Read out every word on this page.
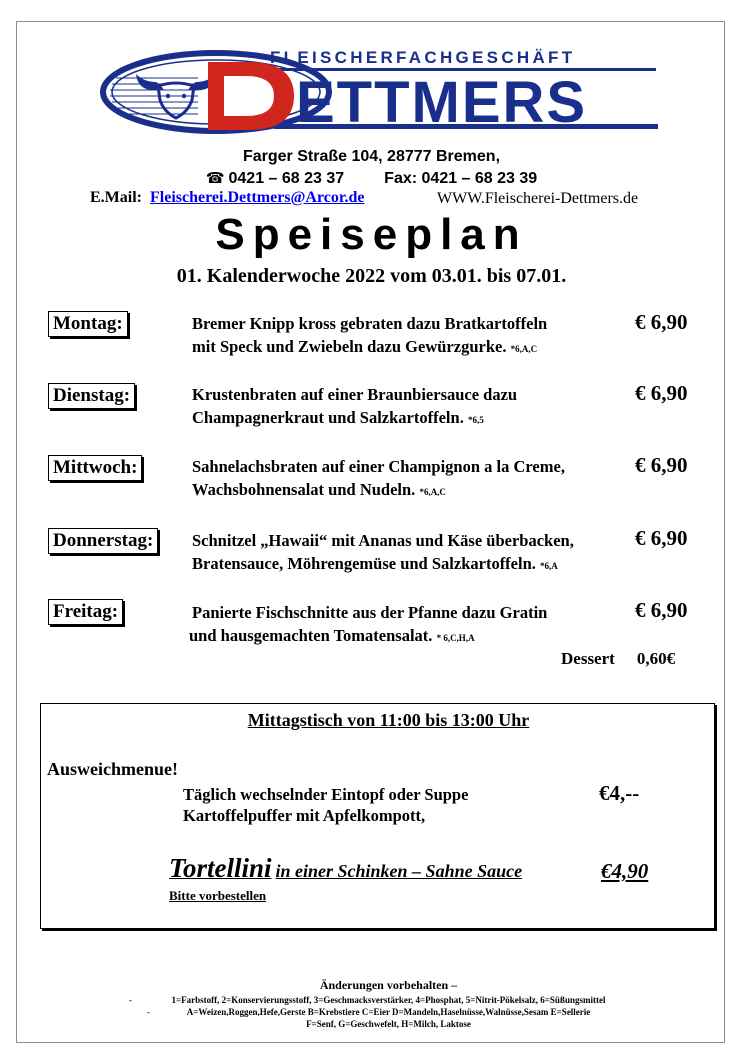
FLEISCHERFACHGESCHÄFT
ETTMERS
Farger Straße 104, 28777 Bremen,
☎ 0421 – 68 23 37	Fax: 0421 – 68 23 39
E.Mail: Fleischerei.Dettmers@Arcor.de	WWW.Fleischerei-Dettmers.de
Speiseplan
01. Kalenderwoche 2022 vom 03.01. bis 07.01.
Montag:	Bremer Knipp kross gebraten dazu Bratkartoffeln
mit Speck und Zwiebeln dazu Gewürzgurke. *6,A,C
€ 6,90
Dienstag:	Krustenbraten auf einer Braunbiersauce dazu
Champagnerkraut und Salzkartoffeln. *6,5
€ 6,90
Mittwoch:	Sahnelachsbraten auf einer Champignon a la Creme,
Wachsbohnensalat und Nudeln. *6,A,C
€ 6,90
Donnerstag:	Schnitzel „Hawaii“ mit Ananas und Käse überbacken,
Bratensauce, Möhrengemüse und Salzkartoffeln. *6,A
€ 6,90
Freitag:	Panierte Fischschnitte aus der Pfanne dazu Gratin
und hausgemachten Tomatensalat. * 6,C,H,A
€ 6,90
Dessert 0,60€
Mittagstisch von 11:00 bis 13:00 Uhr
Ausweichmenue!
Täglich wechselnder Eintopf oder Suppe
Kartoffelpuffer mit Apfelkompott,
€4,--
Tortellini in einer Schinken – Sahne Sauce	€4,90
Bitte vorbestellen
Änderungen vorbehalten –
-	1=Farbstoff, 2=Konservierungsstoff, 3=Geschmacksverstärker, 4=Phosphat, 5=Nitrit-Pökelsalz, 6=Süßungsmittel
-	A=Weizen,Roggen,Hefe,Gerste B=Krebstiere C=Eier D=Mandeln,Haselnüsse,Walnüsse,Sesam E=Sellerie
F=Senf, G=Geschwefelt, H=Milch, Laktose
